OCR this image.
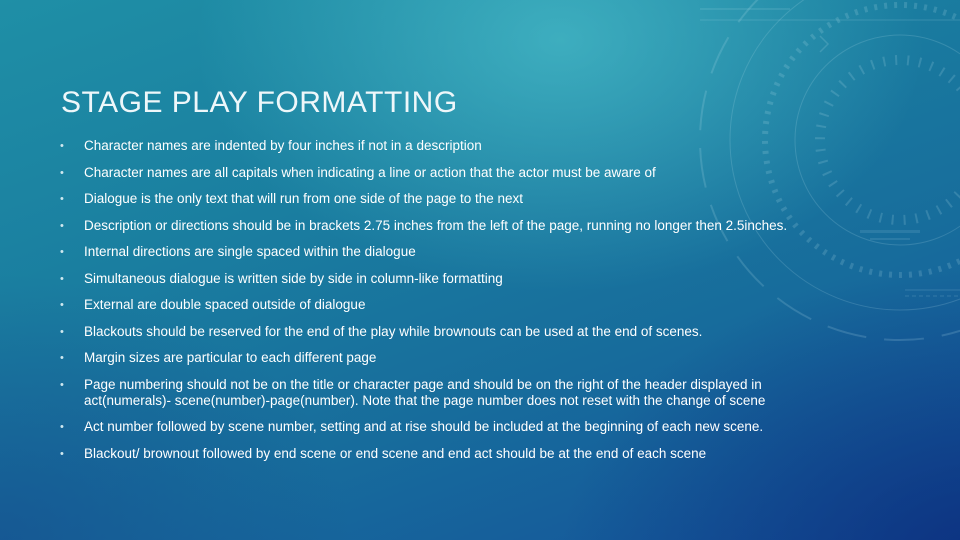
STAGE PLAY FORMATTING
• Character names are indented by four inches if not in a description
• Character names are all capitals when indicating a line or action that the actor must be aware of
• Dialogue is the only text that will run from one side of the page to the next
• Description or directions should be in brackets 2.75 inches from the left of the page, running no longer then 2.5inches.
• Internal directions are single spaced within the dialogue
• Simultaneous dialogue is written side by side in column-like formatting
• External are double spaced outside of dialogue
• Blackouts should be reserved for the end of the play while brownouts can be used at the end of scenes.
• Margin sizes are particular to each different page
• Page numbering should not be on the title or character page and should be on the right of the header displayed in act(numerals)- scene(number)-page(number). Note that the page number does not reset with the change of scene
• Act number followed by scene number, setting and at rise should be included at the beginning of each new scene.
• Blackout/ brownout followed by end scene or end scene and end act should be at the end of each scene
